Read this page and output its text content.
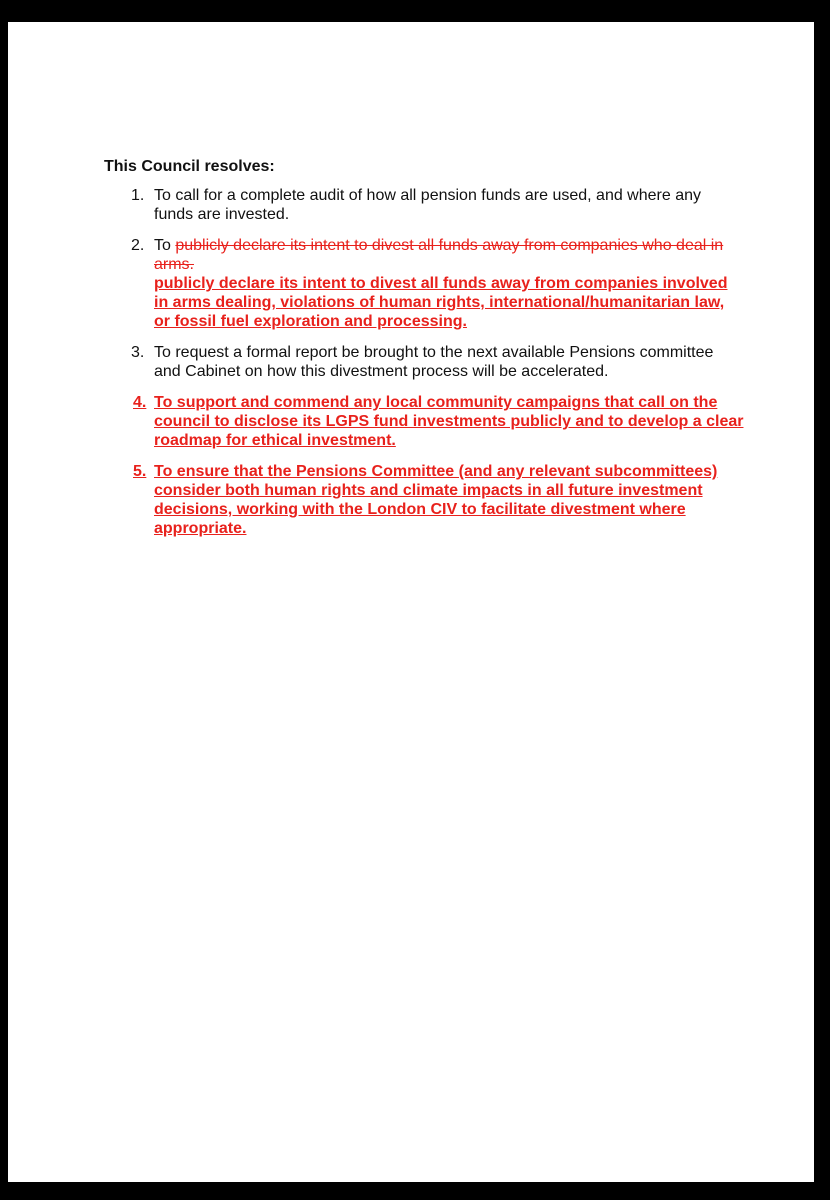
This Council resolves:
1. To call for a complete audit of how all pension funds are used, and where any funds are invested.
2. To publicly declare its intent to divest all funds away from companies who deal in arms.
publicly declare its intent to divest all funds away from companies involved in arms dealing, violations of human rights, international/humanitarian law, or fossil fuel exploration and processing.
3. To request a formal report be brought to the next available Pensions committee and Cabinet on how this divestment process will be accelerated.
4. To support and commend any local community campaigns that call on the council to disclose its LGPS fund investments publicly and to develop a clear roadmap for ethical investment.
5. To ensure that the Pensions Committee (and any relevant subcommittees) consider both human rights and climate impacts in all future investment decisions, working with the London CIV to facilitate divestment where appropriate.
